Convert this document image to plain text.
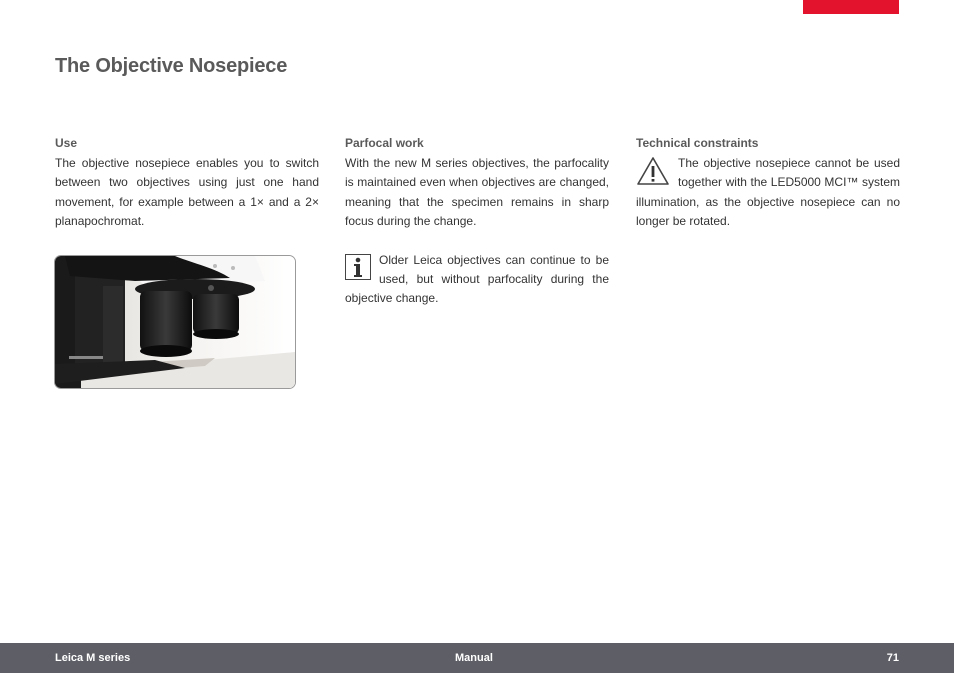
The Objective Nosepiece
Use

The objective nosepiece enables you to switch between two objectives using just one hand movement, for example between a 1× and a 2× planapochromat.

Parfocal work

With the new M series objectives, the parfocality is maintained even when objectives are changed, meaning that the specimen remains in sharp focus during the change.

Older Leica objectives can continue to be used, but without parfocality during the objective change.

Technical constraints

The objective nosepiece cannot be used together with the LED5000 MCI™ system illumination, as the objective nosepiece can no longer be rotated.

Leica M series	Manual	71
